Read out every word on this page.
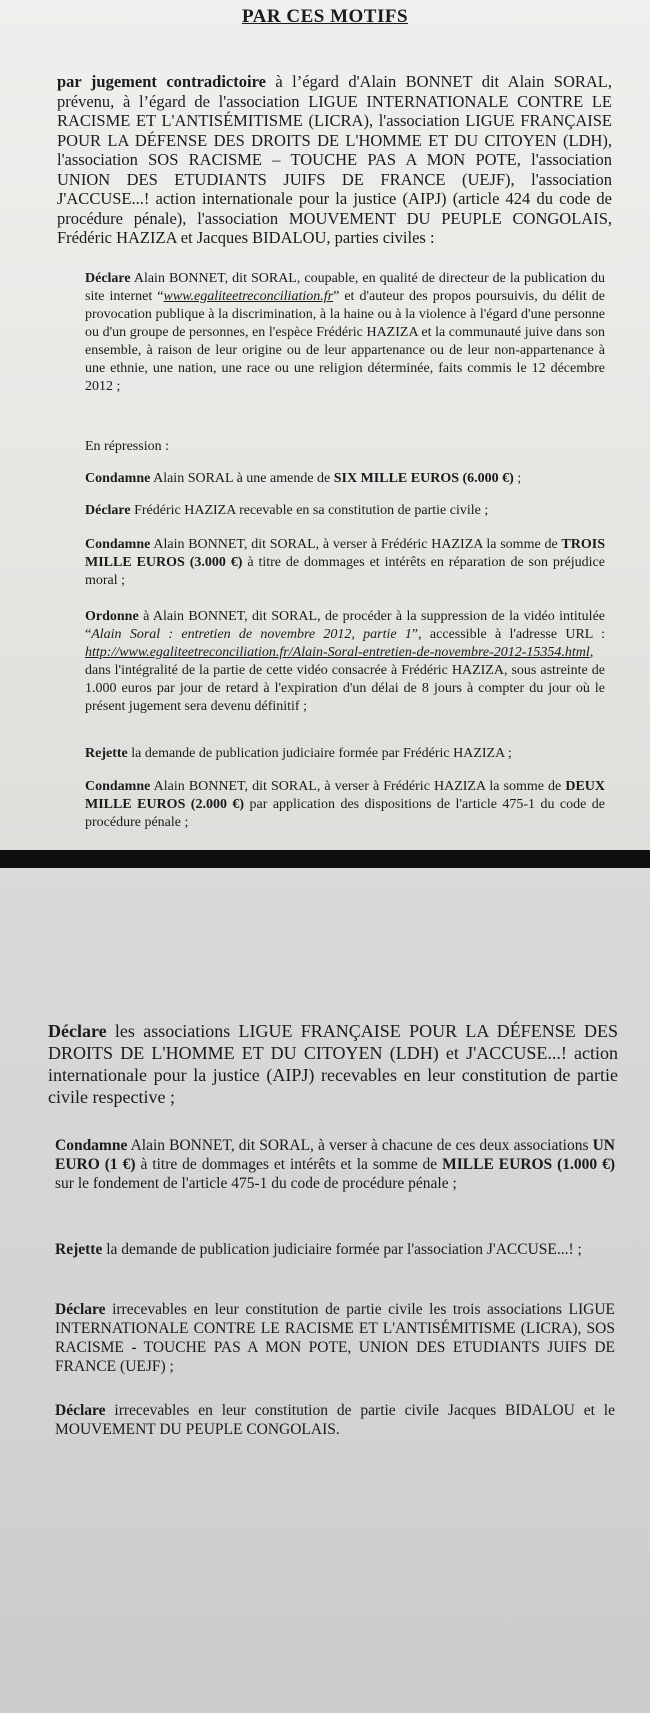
PAR CES MOTIFS
par jugement contradictoire à l’égard d'Alain BONNET dit Alain SORAL, prévenu, à l’égard de l'association LIGUE INTERNATIONALE CONTRE LE RACISME ET L'ANTISÉMITISME (LICRA), l'association LIGUE FRANÇAISE POUR LA DÉFENSE DES DROITS DE L'HOMME ET DU CITOYEN (LDH), l'association SOS RACISME – TOUCHE PAS A MON POTE, l'association UNION DES ETUDIANTS JUIFS DE FRANCE (UEJF), l'association J'ACCUSE...! action internationale pour la justice (AIPJ) (article 424 du code de procédure pénale), l'association MOUVEMENT DU PEUPLE CONGOLAIS, Frédéric HAZIZA et Jacques BIDALOU, parties civiles :
Déclare Alain BONNET, dit SORAL, coupable, en qualité de directeur de la publication du site internet “www.egaliteetreconciliation.fr” et d'auteur des propos poursuivis, du délit de provocation publique à la discrimination, à la haine ou à la violence à l'égard d'une personne ou d'un groupe de personnes, en l'espèce Frédéric HAZIZA et la communauté juive dans son ensemble, à raison de leur origine ou de leur appartenance ou de leur non-appartenance à une ethnie, une nation, une race ou une religion déterminée, faits commis le 12 décembre 2012 ;
En répression :
Condamne Alain SORAL à une amende de SIX MILLE EUROS (6.000 €) ;
Déclare Frédéric HAZIZA recevable en sa constitution de partie civile ;
Condamne Alain BONNET, dit SORAL, à verser à Frédéric HAZIZA la somme de TROIS MILLE EUROS (3.000 €) à titre de dommages et intérêts en réparation de son préjudice moral ;
Ordonne à Alain BONNET, dit SORAL, de procéder à la suppression de la vidéo intitulée “Alain Soral : entretien de novembre 2012, partie 1”, accessible à l'adresse URL : http://www.egaliteetreconciliation.fr/Alain-Soral-entretien-de-novembre-2012-15354.html, dans l'intégralité de la partie de cette vidéo consacrée à Frédéric HAZIZA, sous astreinte de 1.000 euros par jour de retard à l'expiration d'un délai de 8 jours à compter du jour où le présent jugement sera devenu définitif ;
Rejette la demande de publication judiciaire formée par Frédéric HAZIZA ;
Condamne Alain BONNET, dit SORAL, à verser à Frédéric HAZIZA la somme de DEUX MILLE EUROS (2.000 €) par application des dispositions de l'article 475-1 du code de procédure pénale ;
Déclare les associations LIGUE FRANÇAISE POUR LA DÉFENSE DES DROITS DE L'HOMME ET DU CITOYEN (LDH) et J'ACCUSE...! action internationale pour la justice (AIPJ) recevables en leur constitution de partie civile respective ;
Condamne Alain BONNET, dit SORAL, à verser à chacune de ces deux associations UN EURO (1 €) à titre de dommages et intérêts et la somme de MILLE EUROS (1.000 €) sur le fondement de l'article 475-1 du code de procédure pénale ;
Rejette la demande de publication judiciaire formée par l'association J'ACCUSE...! ;
Déclare irrecevables en leur constitution de partie civile les trois associations LIGUE INTERNATIONALE CONTRE LE RACISME ET L'ANTISÉMITISME (LICRA), SOS RACISME - TOUCHE PAS A MON POTE, UNION DES ETUDIANTS JUIFS DE FRANCE (UEJF) ;
Déclare irrecevables en leur constitution de partie civile Jacques BIDALOU et le MOUVEMENT DU PEUPLE CONGOLAIS.
